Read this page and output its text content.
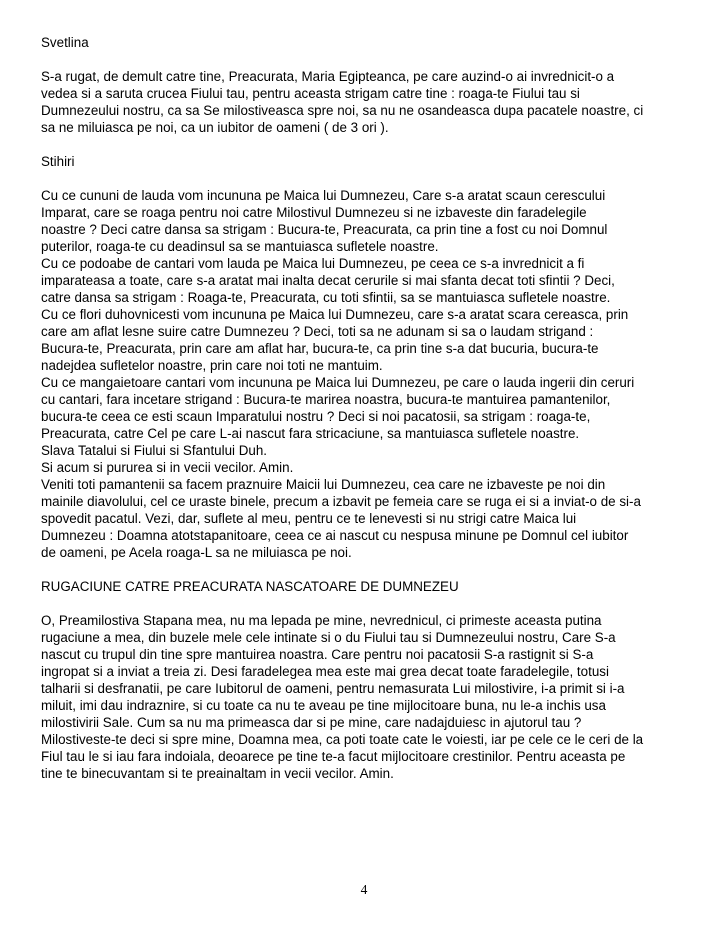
Svetlina
S-a rugat, de demult catre tine, Preacurata, Maria Egipteanca, pe care auzind-o ai invrednicit-o a
vedea si a saruta crucea Fiului tau, pentru aceasta strigam catre tine : roaga-te Fiului tau si
Dumnezeului nostru, ca sa Se milostiveasca spre noi, sa nu ne osandeasca dupa pacatele noastre, ci
sa ne miluiasca pe noi, ca un iubitor de oameni ( de 3 ori ).
Stihiri
Cu ce cununi de lauda vom incununa pe Maica lui Dumnezeu, Care s-a aratat scaun cerescului
Imparat, care se roaga pentru noi catre Milostivul Dumnezeu si ne izbaveste din faradelegile
noastre ? Deci catre dansa sa strigam : Bucura-te, Preacurata, ca prin tine a fost cu noi Domnul
puterilor, roaga-te cu deadinsul sa se mantuiasca sufletele noastre.
Cu ce podoabe de cantari vom lauda pe Maica lui Dumnezeu, pe ceea ce s-a invrednicit a fi
imparateasa a toate, care s-a aratat mai inalta decat cerurile si mai sfanta decat toti sfintii ? Deci,
catre dansa sa strigam : Roaga-te, Preacurata, cu toti sfintii, sa se mantuiasca sufletele noastre.
Cu ce flori duhovnicesti vom incununa pe Maica lui Dumnezeu, care s-a aratat scara cereasca, prin
care am aflat lesne suire catre Dumnezeu ? Deci, toti sa ne adunam si sa o laudam strigand :
Bucura-te, Preacurata, prin care am aflat har, bucura-te, ca prin tine s-a dat bucuria, bucura-te
nadejdea sufletelor noastre, prin care noi toti ne mantuim.
Cu ce mangaietoare cantari vom incununa pe Maica lui Dumnezeu, pe care o lauda ingerii din ceruri
cu cantari, fara incetare strigand : Bucura-te marirea noastra, bucura-te mantuirea pamantenilor,
bucura-te ceea ce esti scaun Imparatului nostru ? Deci si noi pacatosii, sa strigam : roaga-te,
Preacurata, catre Cel pe care L-ai nascut fara stricaciune, sa mantuiasca sufletele noastre.
Slava Tatalui si Fiului si Sfantului Duh.
Si acum si pururea si in vecii vecilor. Amin.
Veniti toti pamantenii sa facem praznuire Maicii lui Dumnezeu, cea care ne izbaveste pe noi din
mainile diavolului, cel ce uraste binele, precum a izbavit pe femeia care se ruga ei si a inviat-o de si-a
spovedit pacatul. Vezi, dar, suflete al meu, pentru ce te lenevesti si nu strigi catre Maica lui
Dumnezeu : Doamna atotstapanitoare, ceea ce ai nascut cu nespusa minune pe Domnul cel iubitor
de oameni, pe Acela roaga-L sa ne miluiasca pe noi.
RUGACIUNE CATRE PREACURATA NASCATOARE DE DUMNEZEU
O, Preamilostiva Stapana mea, nu ma lepada pe mine, nevrednicul, ci primeste aceasta putina
rugaciune a mea, din buzele mele cele intinate si o du Fiului tau si Dumnezeului nostru, Care S-a
nascut cu trupul din tine spre mantuirea noastra. Care pentru noi pacatosii S-a rastignit si S-a
ingropat si a inviat a treia zi. Desi faradelegea mea este mai grea decat toate faradelegile, totusi
talharii si desfranatii, pe care Iubitorul de oameni, pentru nemasurata Lui milostivire, i-a primit si i-a
miluit, imi dau indraznire, si cu toate ca nu te aveau pe tine mijlocitoare buna, nu le-a inchis usa
milostivirii Sale. Cum sa nu ma primeasca dar si pe mine, care nadajduiesc in ajutorul tau ?
Milostiveste-te deci si spre mine, Doamna mea, ca poti toate cate le voiesti, iar pe cele ce le ceri de la
Fiul tau le si iau fara indoiala, deoarece pe tine te-a facut mijlocitoare crestinilor. Pentru aceasta pe
tine te binecuvantam si te preainaltam in vecii vecilor. Amin.
4
